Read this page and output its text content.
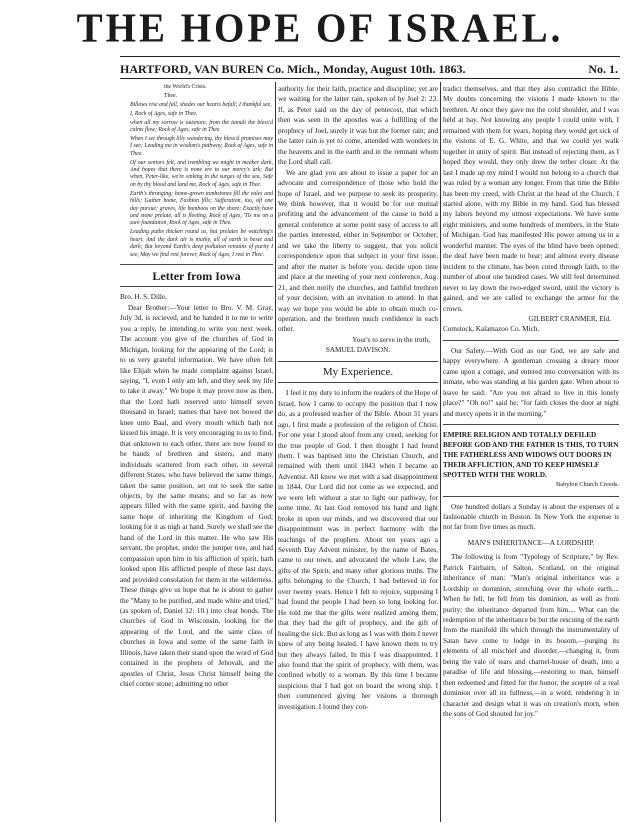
THE HOPE OF ISRAEL.
HARTFORD, VAN BUREN Co. Mich., Monday, August 10th. 1863.	No. 1.

the World's Crisis.

Thee.

Billows rise and fall, shades our hearts befall; I thankful see,

I, Rock of Ages, safe in Thee.

when all my sorrow is outsnore, from the tumult the bless'd calms flow; Rock of Ages, safe in Thee.

When I set through lilly wandering, thy bless'd promises may I see; Leading me in wisdom's pathway, Rock of Ages, safe in Thee.

Of our seniors felt, and trembling we might in meeker dark, And hopes that there is none ere to our mercy's ark; But when, Peter-like, we're sinking in the surges of the sea, Safe on by thy blood and land me, Rock of Ages, safe in Thee.

Earth's thronging; home-grown tombstones fill the vales and hills; Gather home, Fashion fills; Sufferation, too, oft one day pursue; graves, life bamboos on the shore; Exactly have and stone prelate, all is fleeting, Rock of Ages, 'Tis me on a sure foundation, Rock of Ages, safe in Thee.

Leading paths thicken round us, but prelates be watching's heart, And the dark air is murky, all of earth is beset and dark; But beyond Earth's deep pollution remains of purity I see, May we find rest forever, Rock of Ages, I rest in Thee.

Letter from Iowa

Bro. H. S. Dille,

Dear Brother:—Your letter to Bro. V. M. Gray, July 3d, is recieved, and he handed it to me to write you a reply, he intending to write you next week. The account you give of the churches of God in Michigan, looking for the appearing of the Lord; is to us very grateful information. We have often felt like Elijah when he made complaint against Israel, saying, "I, even I only am left, and they seek my life to take it away." We hope it may prove now as then, that the Lord hath reserved unto himself seven thousand in Israel; names that have not bowed the knee unto Baal, and every mouth which hath not kissed his image. It is very encouraging to us to find, that unknown to each other, there are now found to be bands of brethren and sisters, and many individuals scattered from each other, in several different States, who have believed the same things, taken the same position, set out to seek the same objects, by the same means; and so far as now appears filled with the same spirit, and having the same hope of inheriting the Kingdom of God; looking for it as nigh at hand. Surely we shall see the hand of the Lord in this matter. He who saw His servant, the prophet, under the juniper tree, and had compassion upon him in his affliction of spirit, hath looked upon His afflicted people of these last days, and provided consolation for them in the wilderness. These things give us hope that he is about to gather the "Many to be purified, and made white and tried," (as spoken of, Daniel 12: 10.) into clear bonds. The churches of God in Wisconsin, looking for the appearing of the Lord, and the same class of churches in Iowa and some of the same faith in Illinois, have taken their stand upon the word of God contained in the prophets of Jehovah, and the apostles of Christ, Jesus Christ himself being the chief corner stone; admitting no other

authority for their faith, practice and discipline; yet are we waiting for the latter rain, spoken of by Joel 2: 23. If, as Peter said on the day of pentecost, that which then was seen in the apostles was a fulfilling of the prophecy of Joel, surely it was but the former rain; and the latter rain is yet to come, attended with wonders in the heavens and in the earth and in the remnant whom the Lord shall call.

We are glad you are about to issue a paper for an advocate and correspondence of those who hold the hope of Israel, and we purpose to seek its prosperity. We think however, that it would be for our mutual profiting and the advancement of the cause to hold a general conference at some point easy of access to all the parties interested, either in September or October; and we take the liberty to suggest, that you solicit correspondence upon that subject in your first issue, and after the matter is before you, decide upon time and place at the meeting of your next conference, Aug. 21, and then notify the churches, and faithful brethren of your decision, with an invitation to attend. In that way we hope you would be able to obtain much co-operation, and the brethren much confidence in each other.

Your's to serve in the truth,

SAMUEL DAVISON.

My Experience.

I feel it my duty to inform the readers of the Hope of Israel, how I came to occupy the position that I now do, as a professed teacher of the Bible. About 31 years ago, I first made a profession of the religion of Christ. For one year I stood aloof from any creed, seeking for the true people of God. I then thought I had found them. I was baptised into the Christian Church, and remained with them until 1843 when I became an Adventist. All know we met with a sad disappointment in 1844. Our Lord did not come as we expected, and we were left without a star to light our pathway, for some time. At last God removed his hand and light broke in upon our minds, and we discovered that our disappointment was in perfect harmony with the teachings of the prophets. About ten years ago a Seventh Day Advent minister, by the name of Bates, came to our town, and advocated the whole Law, the gifts of the Spirit, and many other glorious truths. The gifts belonging to the Church, I had believed in for over twenty years. Hence I felt to rejoice, supposing I had found the people I had been so long looking for. He told me that the gifts were realized among them, that they had the gift of prophecy, and the gift of healing the sick. But as long as I was with them I never knew of any being healed. I have known them to try but they always failed. In this I was disappointed. I also found that the spirit of prophecy, with them, was confined wholly to a woman. By this time I became suspicious that I had got on board the wrong ship. I then commenced giving her visions a thorough investigation. I found they con-

tradict themselves, and that they also contradict the Bible. My doubts concerning the visions I made known to the brethren. At once they gave me the cold shoulder, and I was held at bay. Not knowing any people I could unite with, I remained with them for years, hoping they would get sick of the visions of E. G. White, and that we could yet walk together in unity of spirit. But instead of rejecting them, as I hoped they would, they only drew the tether closer. At the last I made up my mind I would not belong to a church that was ruled by a woman any longer. From that time the Bible has been my creed, with Christ at the head of the Church. I started alone, with my Bible in my hand. God has blessed my labors beyond my utmost expectations. We have some eight ministers, and some hundreds of members, in the State of Michigan. God has manifested His power among us in a wonderful manner. The eyes of the blind have been opened; the deaf have been made to hear; and almost every disease incident to the climate, has been cured through faith, to the number of about one hundred cases. We still feel determined never to lay down the two-edged sword, until the victory is gained, and we are called to exchange the armor for the crown.

GILBERT CRANMER, Eld.

Comstock, Kalamazoo Co. Mich.

Our Safety.—With God as our God, we are safe and happy everywhere. A gentleman crossing a dreary moor came upon a cottage, and entered into conversation with its inmate, who was standing at his garden gate. When about to leave he said: "Are you not afraid to live in this lonely place?" "Oh no!" said he; "for faith closes the door at night and mercy opens it in the morning."

EMPIRE RELIGION AND TOTALLY DEFILED BEFORE GOD AND THE FATHER IS THIS, TO TURN THE FATHERLESS AND WIDOWS OUT DOORS IN THEIR AFFLICTION, AND TO KEEP HIMSELF SPOTTED WITH THE WORLD.

Babylon Church Creeds.

One hundred dollars a Sunday is about the expenses of a fashionable church in Boston. In New York the expense is not far from five times as much.

MAN'S INHERITANCE—A LORDSHIP.

The following is from "Typology of Scripture," by Rev. Patrick Fairbairn, of Salton, Scotland, on the original inheritance of man: "Man's original inheritance was a Lordship or dominion, stretching over the whole earth.... When he fell, he fell from his dominion, as well as from purity; the inheritance departed from him.... What can the redemption of the inheritance be but the rescuing of the earth from the manifold ills which through the instrumentality of Satan have come to lodge in its bosom,—purging its elements of all mischief and disorder,—changing it, from being the vale of tears and charnel-house of death, into a paradise of life and blessing,—restoring to man, himself then redeemed and fitted for the honor, the sceptre of a real dominion over all its fullness,—in a word, rendering it in character and design what it was on creation's morn, when the sons of God shouted for joy."
